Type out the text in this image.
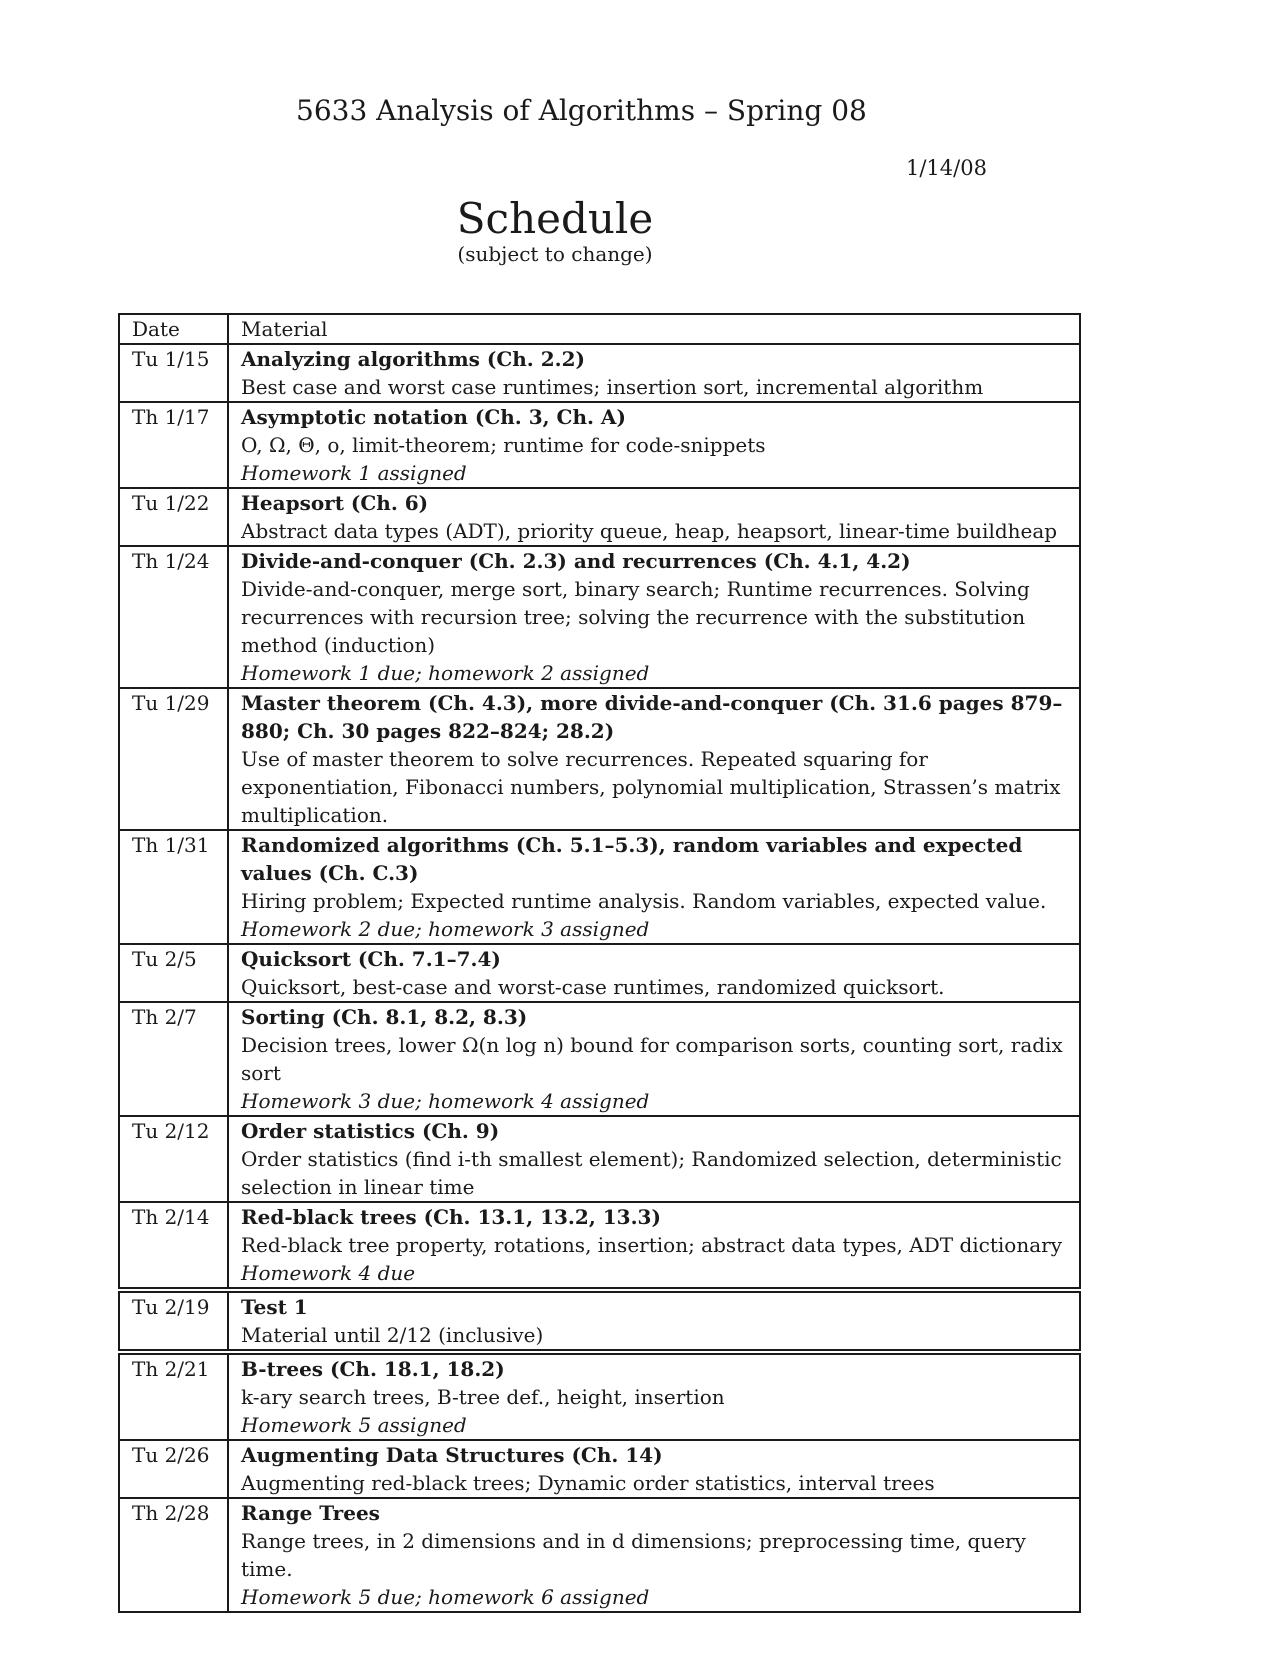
5633 Analysis of Algorithms – Spring 08
1/14/08
Schedule
(subject to change)
Date	Material
Tu 1/15	Analyzing algorithms (Ch. 2.2)
Best case and worst case runtimes; insertion sort, incremental algorithm

Th 1/17	Asymptotic notation (Ch. 3, Ch. A)
O, Ω, Θ, o, limit-theorem; runtime for code-snippets
Homework 1 assigned

Tu 1/22	Heapsort (Ch. 6)
Abstract data types (ADT), priority queue, heap, heapsort, linear-time buildheap

Th 1/24	Divide-and-conquer (Ch. 2.3) and recurrences (Ch. 4.1, 4.2)
Divide-and-conquer, merge sort, binary search; Runtime recurrences. Solving recurrences with recursion tree; solving the recurrence with the substitution method (induction)
Homework 1 due; homework 2 assigned

Tu 1/29	Master theorem (Ch. 4.3), more divide-and-conquer (Ch. 31.6 pages 879–880; Ch. 30 pages 822–824; 28.2)
Use of master theorem to solve recurrences. Repeated squaring for exponentiation, Fibonacci numbers, polynomial multiplication, Strassen’s matrix multiplication.

Th 1/31	Randomized algorithms (Ch. 5.1–5.3), random variables and expected values (Ch. C.3)
Hiring problem; Expected runtime analysis. Random variables, expected value.
Homework 2 due; homework 3 assigned

Tu 2/5	Quicksort (Ch. 7.1–7.4)
Quicksort, best-case and worst-case runtimes, randomized quicksort.

Th 2/7	Sorting (Ch. 8.1, 8.2, 8.3)
Decision trees, lower Ω(n log n) bound for comparison sorts, counting sort, radix sort
Homework 3 due; homework 4 assigned

Tu 2/12	Order statistics (Ch. 9)
Order statistics (find i-th smallest element); Randomized selection, deterministic selection in linear time

Th 2/14	Red-black trees (Ch. 13.1, 13.2, 13.3)
Red-black tree property, rotations, insertion; abstract data types, ADT dictionary
Homework 4 due

Tu 2/19	Test 1
Material until 2/12 (inclusive)

Th 2/21	B-trees (Ch. 18.1, 18.2)
k-ary search trees, B-tree def., height, insertion
Homework 5 assigned

Tu 2/26	Augmenting Data Structures (Ch. 14)
Augmenting red-black trees; Dynamic order statistics, interval trees

Th 2/28	Range Trees
Range trees, in 2 dimensions and in d dimensions; preprocessing time, query time.
Homework 5 due; homework 6 assigned
